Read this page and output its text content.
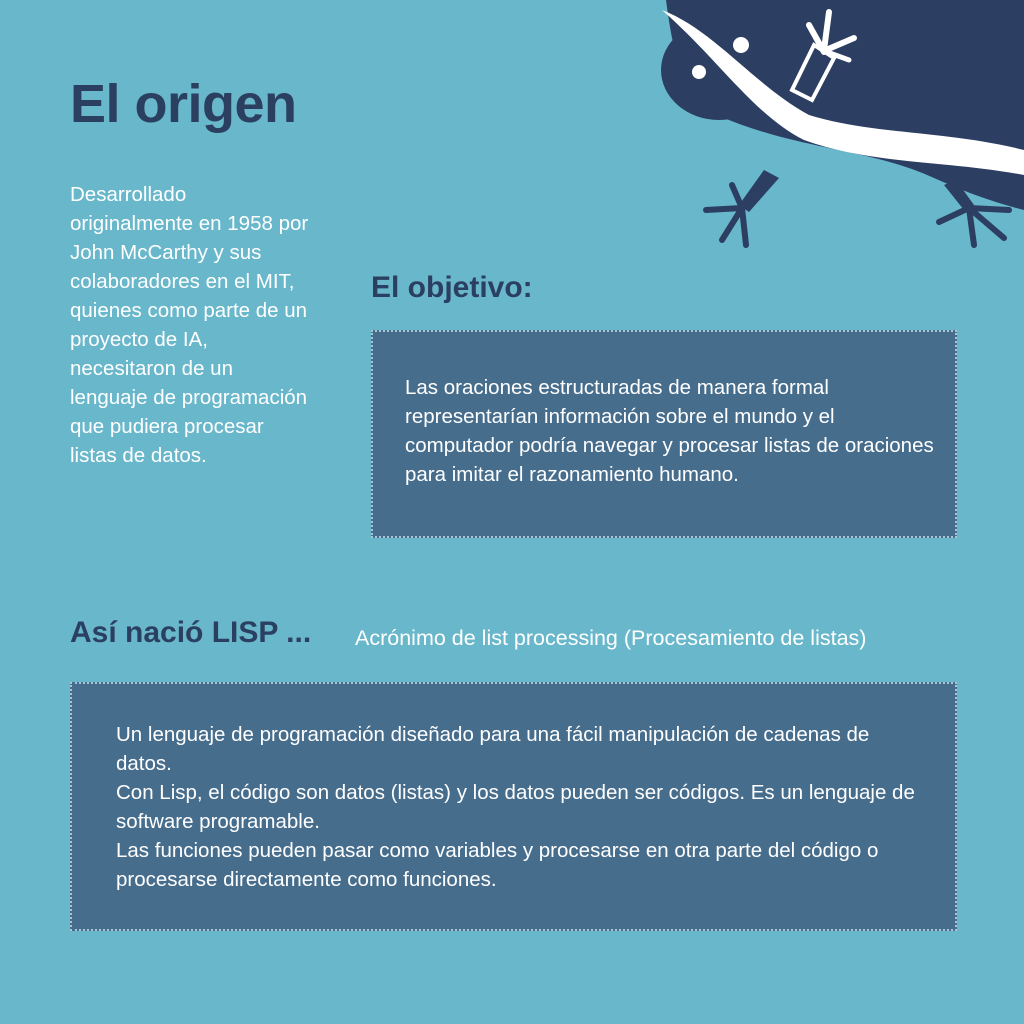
El origen

Desarrollado originalmente en 1958 por John McCarthy y sus colaboradores en el MIT, quienes como parte de un proyecto de IA, necesitaron de un lenguaje de programación que pudiera procesar listas de datos.

El objetivo:
Las oraciones estructuradas de manera formal representarían información sobre el mundo y el computador podría navegar y procesar listas de oraciones para imitar el razonamiento humano.
Así nació LISP ... Acrónimo de list processing (Procesamiento de listas)

Un lenguaje de programación diseñado para una fácil manipulación de cadenas de datos.

Con Lisp, el código son datos (listas) y los datos pueden ser códigos. Es un lenguaje de software programable.

Las funciones pueden pasar como variables y procesarse en otra parte del código o procesarse directamente como funciones.
